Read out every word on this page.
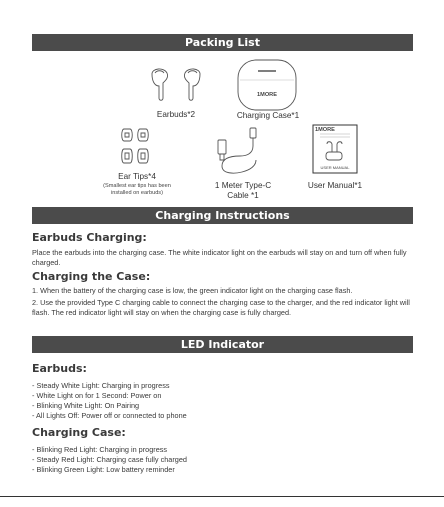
Packing List
Earbuds*2
1MORE
Charging Case*1
Ear Tips*4
(Smallest ear tips has been
installed on earbuds)
1 Meter Type-C
Cable *1
1MORE
USER MANUAL
User Manual*1
Charging Instructions
Earbuds Charging:
Place the earbuds into the charging case. The white indicator light on the earbuds will stay on and turn off when fully charged.
Charging the Case:
1. When the battery of the charging case is low, the green indicator light on the charging case flash.
2. Use the provided Type C charging cable to connect the charging case to the charger, and the red indicator light will flash. The red indicator light will stay on when the charging case is fully charged.
LED Indicator
Earbuds:
- Steady White Light: Charging in progress
- White Light on for 1 Second: Power on
- Blinking White Light: On Pairing
- All Lights Off: Power off or connected to phone
Charging Case:
- Blinking Red Light: Charging in progress
- Steady Red Light: Charging case fully charged
- Blinking Green Light: Low battery reminder
